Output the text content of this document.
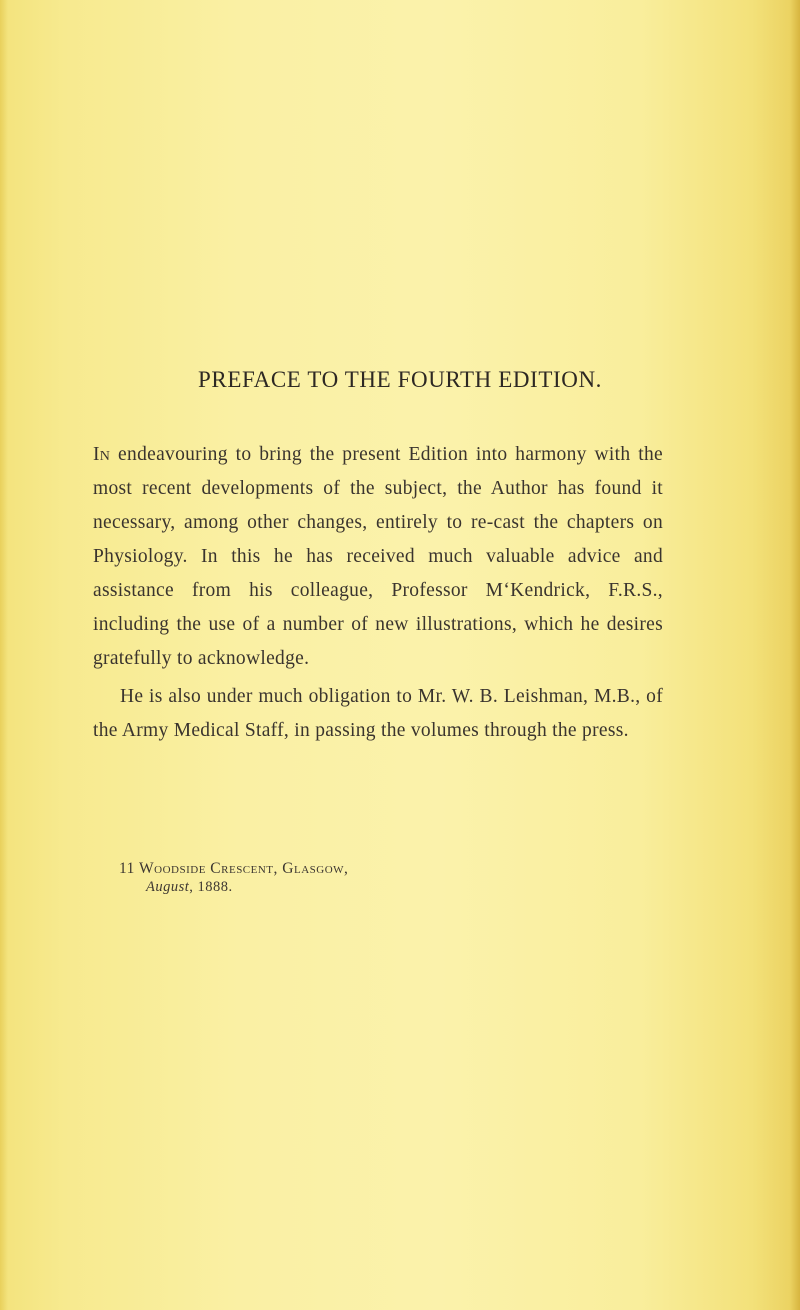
PREFACE TO THE FOURTH EDITION.

In endeavouring to bring the present Edition into harmony with the most recent developments of the subject, the Author has found it necessary, among other changes, entirely to re-cast the chapters on Physiology. In this he has received much valuable advice and assistance from his colleague, Professor M‘Kendrick, F.R.S., including the use of a number of new illustrations, which he desires gratefully to acknowledge.

He is also under much obligation to Mr. W. B. Leishman, M.B., of the Army Medical Staff, in passing the volumes through the press.

11 Woodside Crescent, Glasgow,
August, 1888.
